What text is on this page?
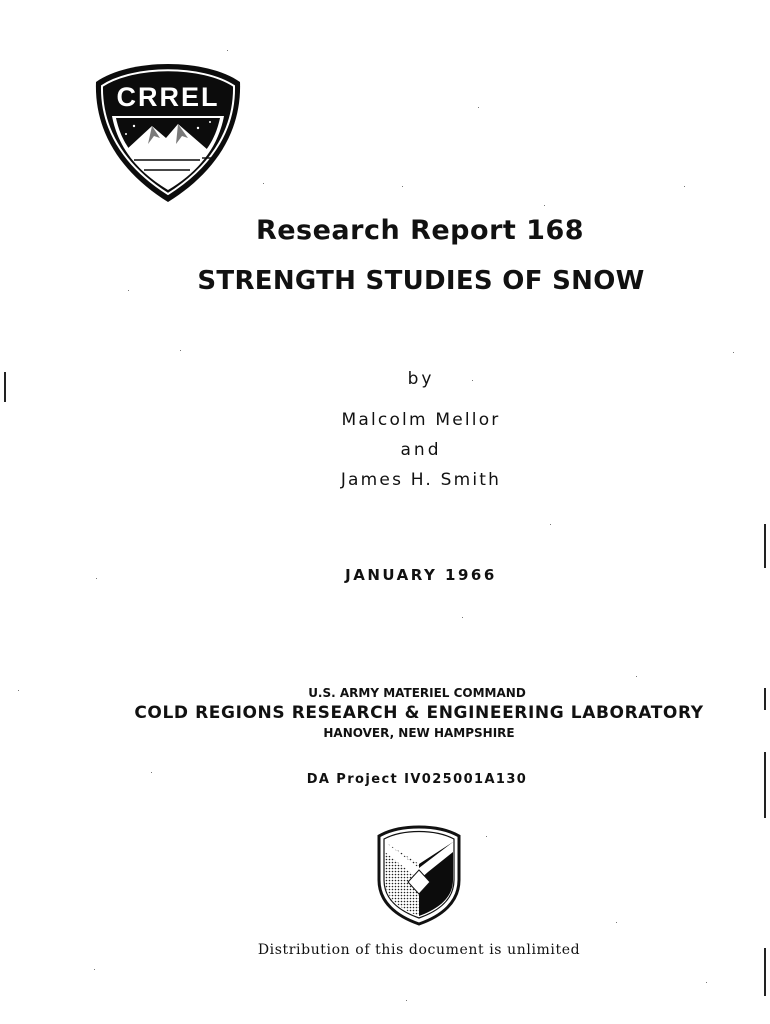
CRREL
Research Report 168
STRENGTH STUDIES OF SNOW
by
Malcolm Mellor
and
James H. Smith
JANUARY 1966
U.S. ARMY MATERIEL COMMAND
COLD REGIONS RESEARCH & ENGINEERING LABORATORY
HANOVER, NEW HAMPSHIRE
DA Project IV025001A130
Distribution of this document is unlimited
